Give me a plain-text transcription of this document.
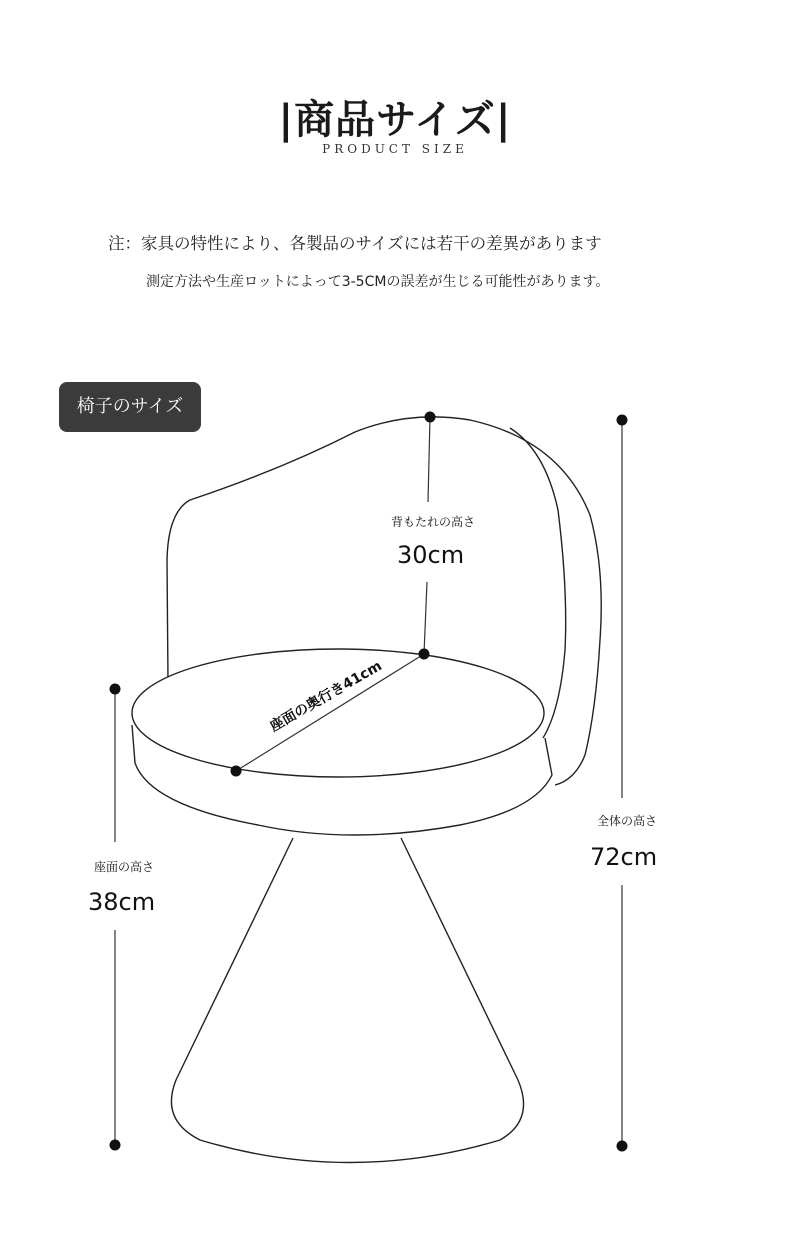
|商品サイズ|
PRODUCT SIZE
注：家具の特性により、各製品のサイズには若干の差異があります
測定方法や生産ロットによって3-5CMの誤差が生じる可能性があります。
椅子のサイズ
座面の奥行き41cm
背もたれの高さ
30cm
全体の高さ
72cm
座面の高さ
38cm
